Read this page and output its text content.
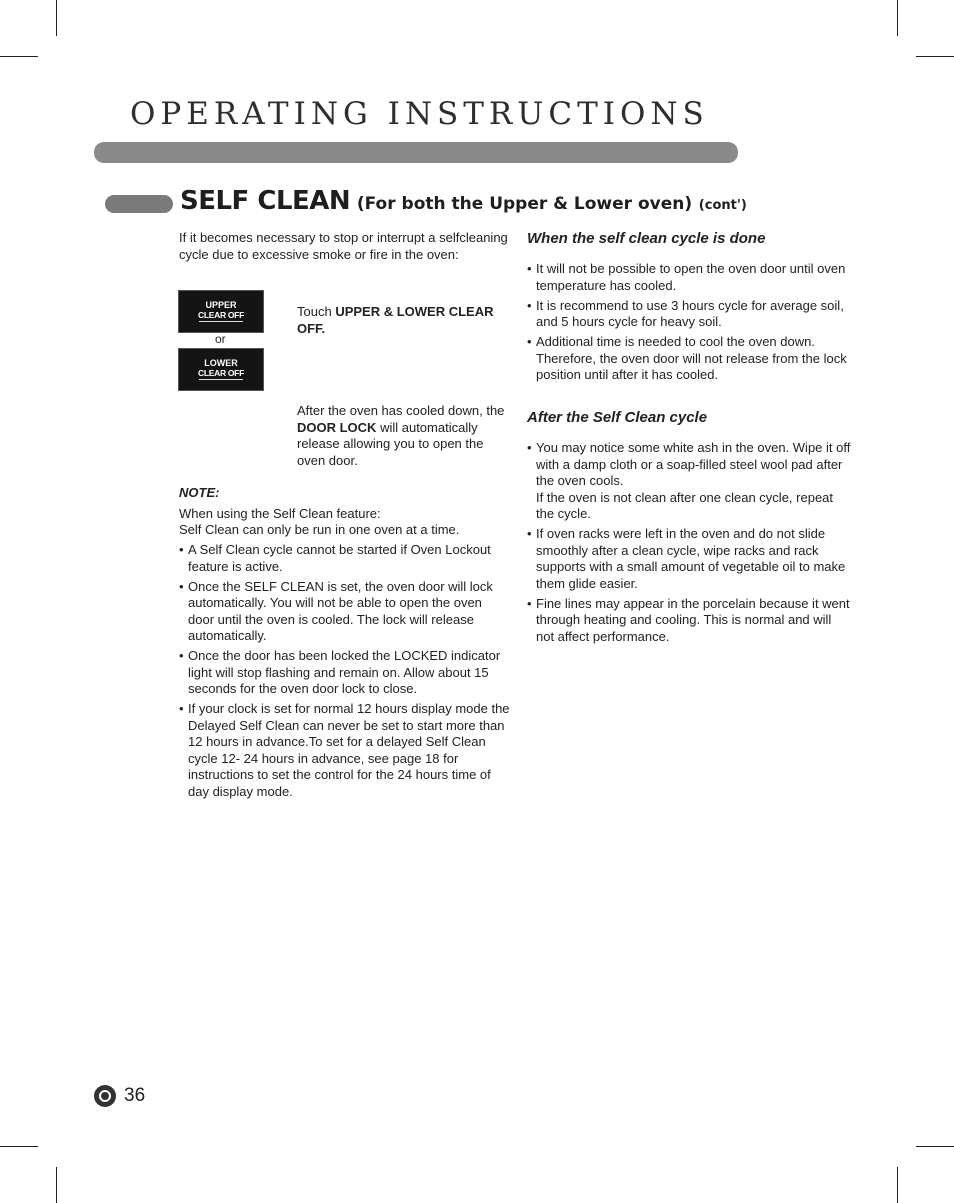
OPERATING INSTRUCTIONS
SELF CLEAN (For both the Upper & Lower oven) (cont')

If it becomes necessary to stop or interrupt a selfcleaning cycle due to excessive smoke or fire in the oven:

UPPER
CLEAR OFF

or

LOWER
CLEAR OFF

Touch UPPER & LOWER CLEAR OFF.

After the oven has cooled down, the DOOR LOCK will automatically release allowing you to open the oven door.

NOTE:

When using the Self Clean feature:

Self Clean can only be run in one oven at a time.

• A Self Clean cycle cannot be started if Oven Lockout feature is active.
• Once the SELF CLEAN is set, the oven door will lock automatically. You will not be able to open the oven door until the oven is cooled. The lock will release automatically.
• Once the door has been locked the LOCKED indicator light will stop flashing and remain on. Allow about 15 seconds for the oven door lock to close.
• If your clock is set for normal 12 hours display mode the Delayed Self Clean can never be set to start more than 12 hours in advance.To set for a delayed Self Clean cycle 12- 24 hours in advance, see page 18 for instructions to set the control for the 24 hours time of day display mode.
When the self clean cycle is done
• It will not be possible to open the oven door until oven temperature has cooled.
• It is recommend to use 3 hours cycle for average soil, and 5 hours cycle for heavy soil.
• Additional time is needed to cool the oven down. Therefore, the oven door will not release from the lock position until after it has cooled.
After the Self Clean cycle
• You may notice some white ash in the oven. Wipe it off with a damp cloth or a soap-filled steel wool pad after the oven cools.
If the oven is not clean after one clean cycle, repeat the cycle.
• If oven racks were left in the oven and do not slide smoothly after a clean cycle, wipe racks and rack supports with a small amount of vegetable oil to make them glide easier.
• Fine lines may appear in the porcelain because it went through heating and cooling. This is normal and will not affect performance.

36
